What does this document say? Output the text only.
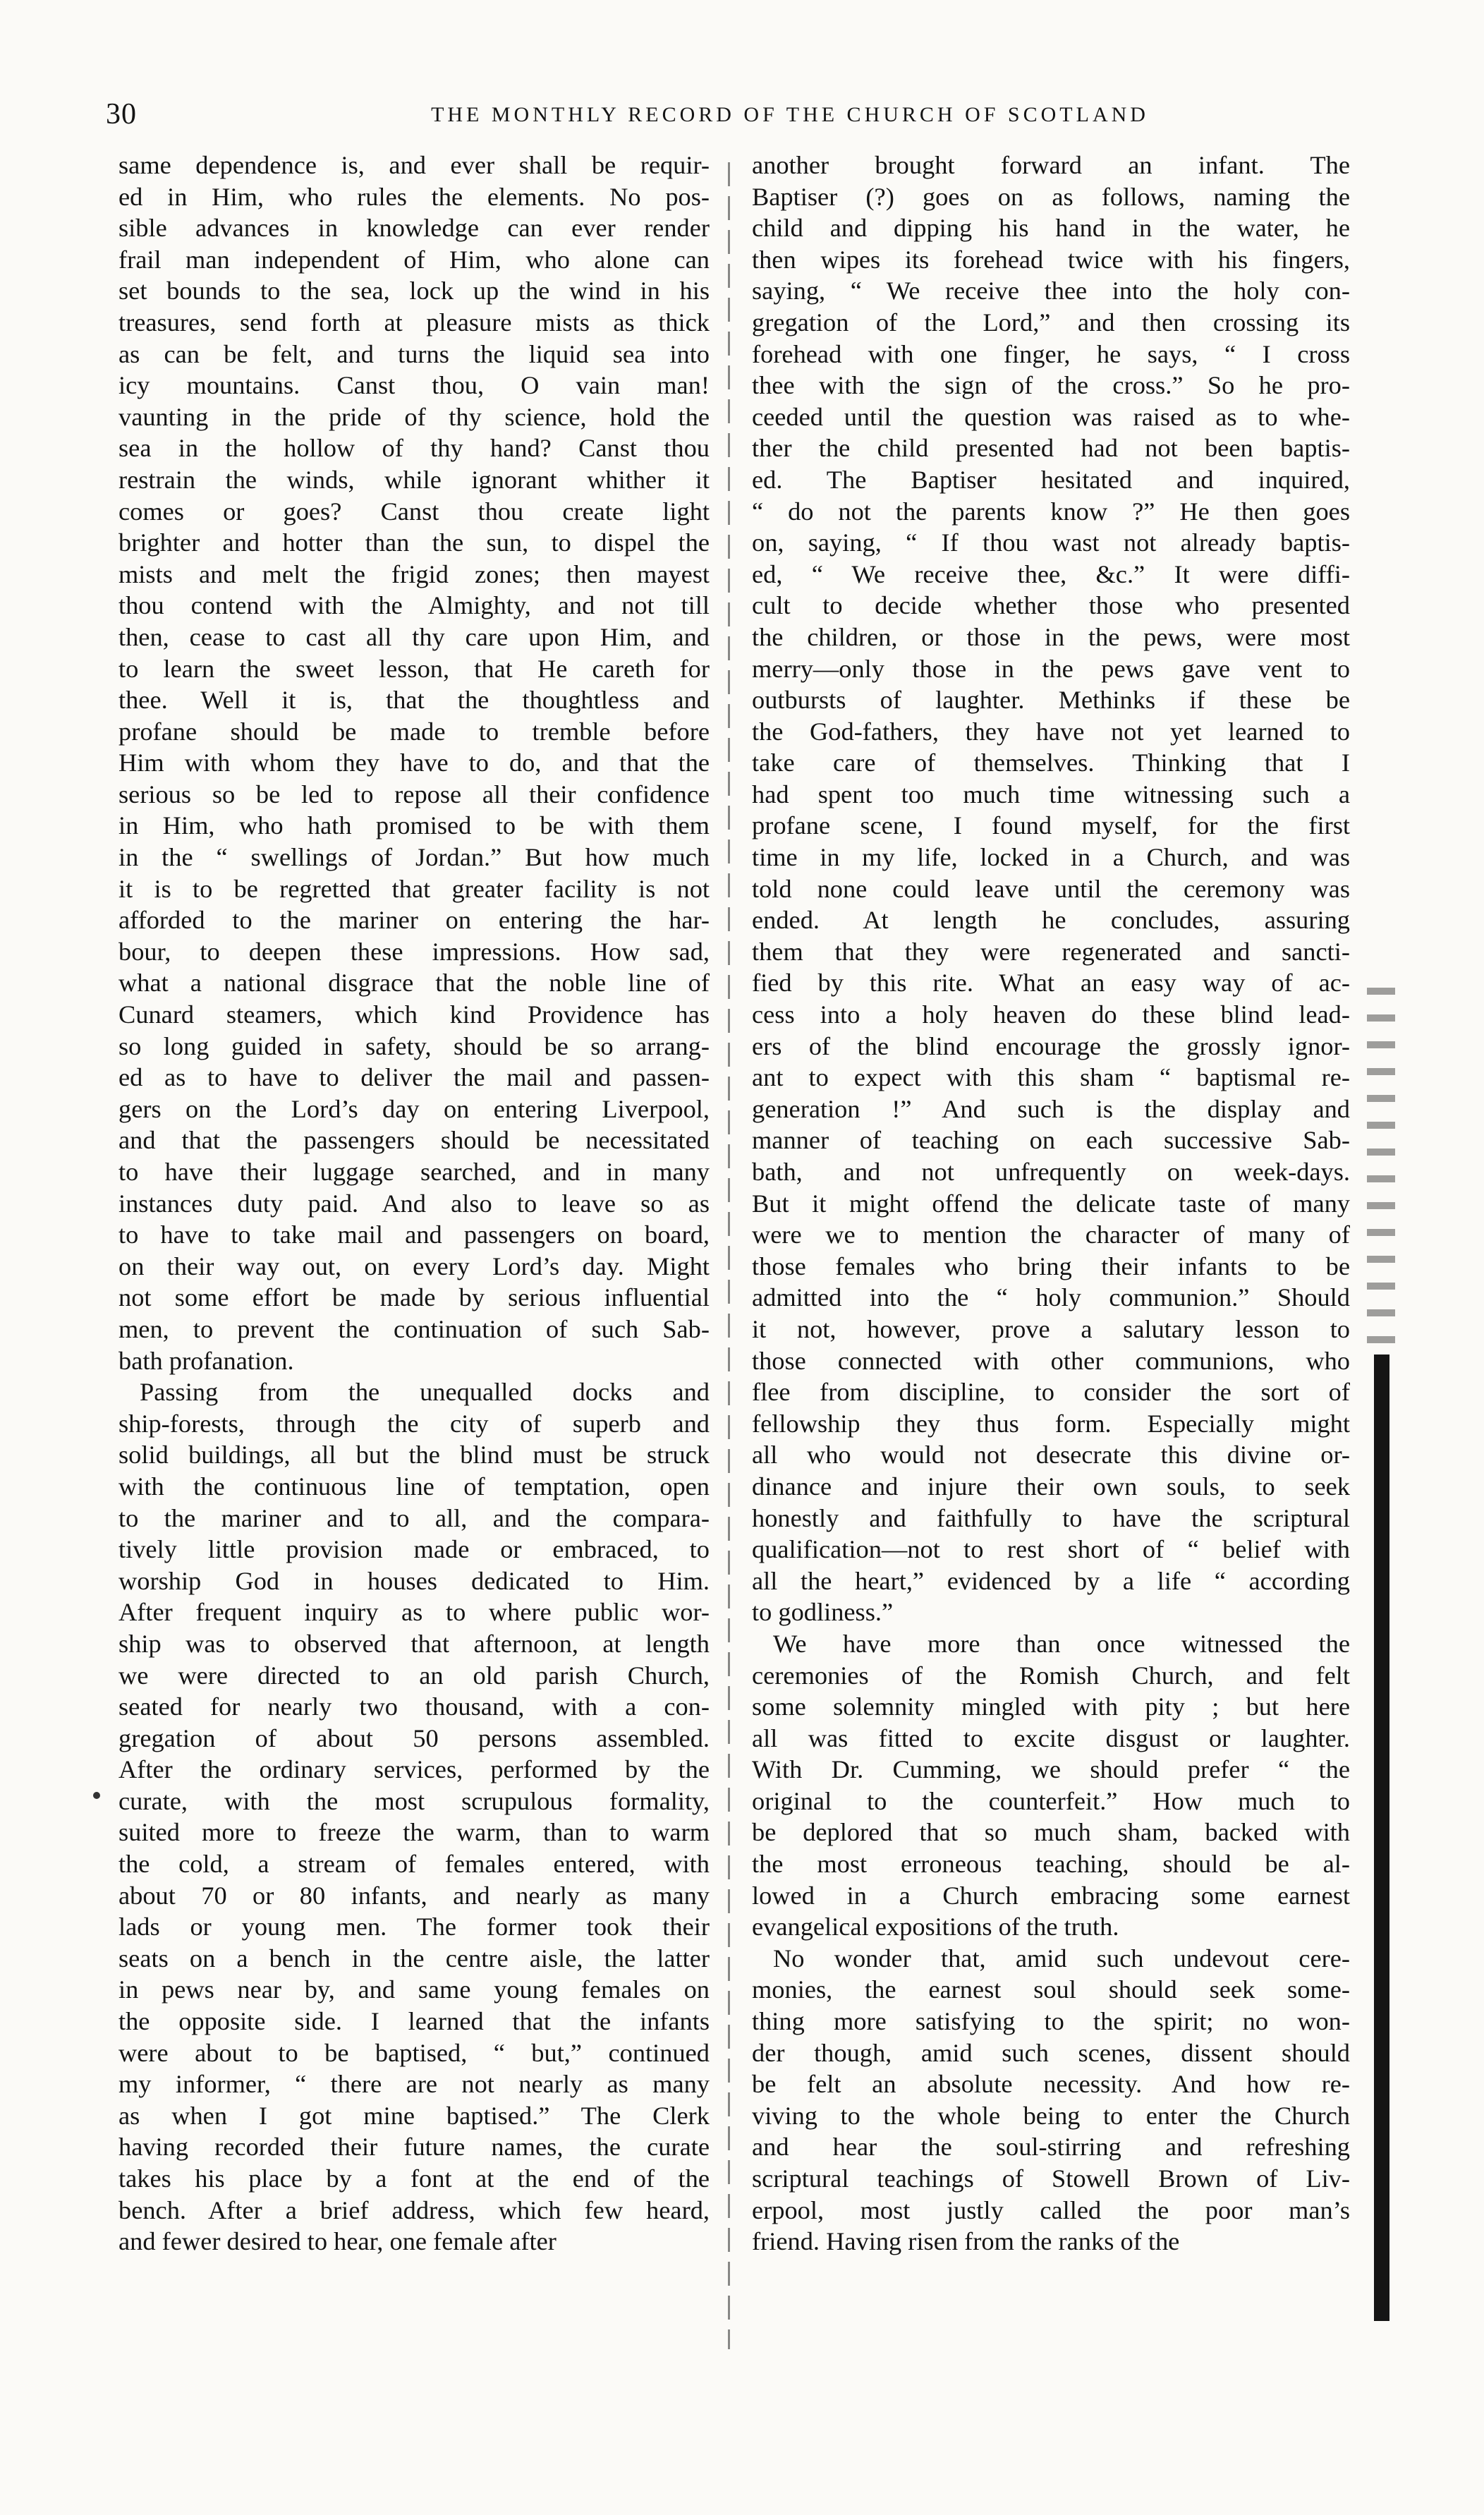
30	THE MONTHLY RECORD OF THE CHURCH OF SCOTLAND
same dependence is, and ever shall be requir-
ed in Him, who rules the elements. No pos-
sible advances in knowledge can ever render
frail man independent of Him, who alone can
set bounds to the sea, lock up the wind in his
treasures, send forth at pleasure mists as thick
as can be felt, and turns the liquid sea into
icy mountains. Canst thou, O vain man!
vaunting in the pride of thy science, hold the
sea in the hollow of thy hand? Canst thou
restrain the winds, while ignorant whither it
comes or goes? Canst thou create light
brighter and hotter than the sun, to dispel the
mists and melt the frigid zones; then mayest
thou contend with the Almighty, and not till
then, cease to cast all thy care upon Him, and
to learn the sweet lesson, that He careth for
thee. Well it is, that the thoughtless and
profane should be made to tremble before
Him with whom they have to do, and that the
serious so be led to repose all their confidence
in Him, who hath promised to be with them
in the “ swellings of Jordan.” But how much
it is to be regretted that greater facility is not
afforded to the mariner on entering the har-
bour, to deepen these impressions. How sad,
what a national disgrace that the noble line of
Cunard steamers, which kind Providence has
so long guided in safety, should be so arrang-
ed as to have to deliver the mail and passen-
gers on the Lord’s day on entering Liverpool,
and that the passengers should be necessitated
to have their luggage searched, and in many
instances duty paid. And also to leave so as
to have to take mail and passengers on board,
on their way out, on every Lord’s day. Might
not some effort be made by serious influential
men, to prevent the continuation of such Sab-
bath profanation.
Passing from the unequalled docks and
ship-forests, through the city of superb and
solid buildings, all but the blind must be struck
with the continuous line of temptation, open
to the mariner and to all, and the compara-
tively little provision made or embraced, to
worship God in houses dedicated to Him.
After frequent inquiry as to where public wor-
ship was to observed that afternoon, at length
we were directed to an old parish Church,
seated for nearly two thousand, with a con-
gregation of about 50 persons assembled.
After the ordinary services, performed by the
curate, with the most scrupulous formality,
suited more to freeze the warm, than to warm
the cold, a stream of females entered, with
about 70 or 80 infants, and nearly as many
lads or young men. The former took their
seats on a bench in the centre aisle, the latter
in pews near by, and same young females on
the opposite side. I learned that the infants
were about to be baptised, “ but,” continued
my informer, “ there are not nearly as many
as when I got mine baptised.” The Clerk
having recorded their future names, the curate
takes his place by a font at the end of the
bench. After a brief address, which few heard,
and fewer desired to hear, one female after
another brought forward an infant. The
Baptiser (?) goes on as follows, naming the
child and dipping his hand in the water, he
then wipes its forehead twice with his fingers,
saying, “ We receive thee into the holy con-
gregation of the Lord,” and then crossing its
forehead with one finger, he says, “ I cross
thee with the sign of the cross.” So he pro-
ceeded until the question was raised as to whe-
ther the child presented had not been baptis-
ed. The Baptiser hesitated and inquired,
“ do not the parents know ?” He then goes
on, saying, “ If thou wast not already baptis-
ed, “ We receive thee, &c.” It were diffi-
cult to decide whether those who presented
the children, or those in the pews, were most
merry—only those in the pews gave vent to
outbursts of laughter. Methinks if these be
the God-fathers, they have not yet learned to
take care of themselves. Thinking that I
had spent too much time witnessing such a
profane scene, I found myself, for the first
time in my life, locked in a Church, and was
told none could leave until the ceremony was
ended. At length he concludes, assuring
them that they were regenerated and sancti-
fied by this rite. What an easy way of ac-
cess into a holy heaven do these blind lead-
ers of the blind encourage the grossly ignor-
ant to expect with this sham “ baptismal re-
generation !” And such is the display and
manner of teaching on each successive Sab-
bath, and not unfrequently on week-days.
But it might offend the delicate taste of many
were we to mention the character of many of
those females who bring their infants to be
admitted into the “ holy communion.” Should
it not, however, prove a salutary lesson to
those connected with other communions, who
flee from discipline, to consider the sort of
fellowship they thus form. Especially might
all who would not desecrate this divine or-
dinance and injure their own souls, to seek
honestly and faithfully to have the scriptural
qualification—not to rest short of “ belief with
all the heart,” evidenced by a life “ according
to godliness.”
We have more than once witnessed the
ceremonies of the Romish Church, and felt
some solemnity mingled with pity ; but here
all was fitted to excite disgust or laughter.
With Dr. Cumming, we should prefer “ the
original to the counterfeit.” How much to
be deplored that so much sham, backed with
the most erroneous teaching, should be al-
lowed in a Church embracing some earnest
evangelical expositions of the truth.
No wonder that, amid such undevout cere-
monies, the earnest soul should seek some-
thing more satisfying to the spirit; no won-
der though, amid such scenes, dissent should
be felt an absolute necessity. And how re-
viving to the whole being to enter the Church
and hear the soul-stirring and refreshing
scriptural teachings of Stowell Brown of Liv-
erpool, most justly called the poor man’s
friend. Having risen from the ranks of the
